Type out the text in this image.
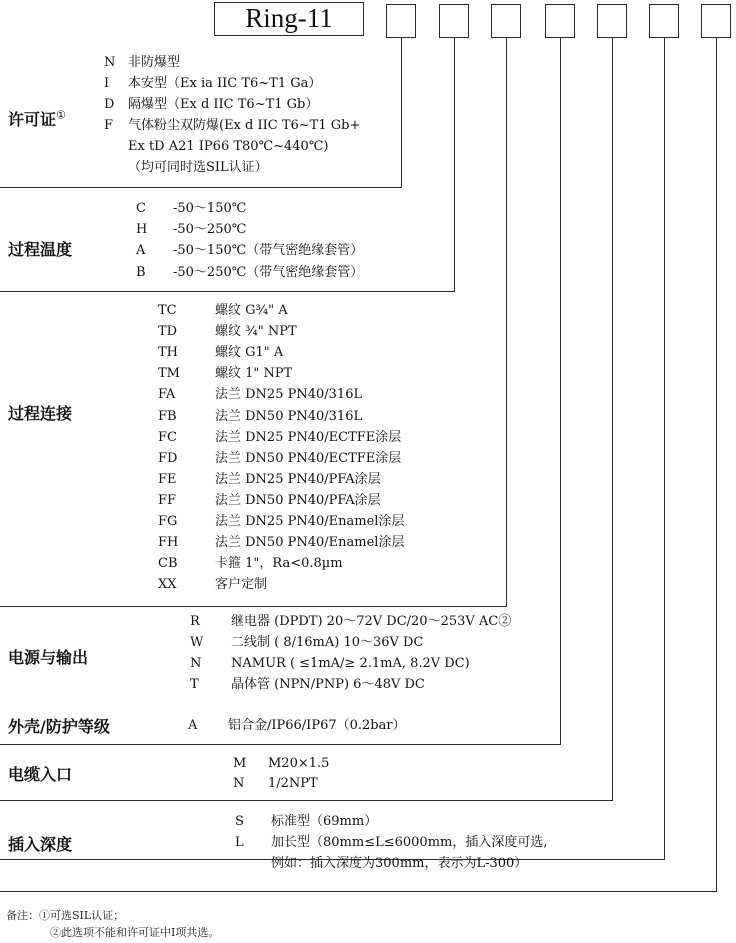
Ring-11
许可证①
N 非防爆型
I 本安型（Ex ia IIC T6~T1 Ga）
D 隔爆型（Ex d IIC T6~T1 Gb）
F 气体粉尘双防爆(Ex d IIC T6~T1 Gb+
Ex tD A21 IP66 T80℃~440℃)
（均可同时选SIL认证）
过程温度
C -50～150℃
H -50～250℃
A -50～150℃（带气密绝缘套管）
B -50～250℃（带气密绝缘套管）
过程连接
TC	螺纹 G¾" A
TD	螺纹 ¾" NPT
TH	螺纹 G1" A
TM	螺纹 1" NPT
FA	法兰 DN25 PN40/316L
FB	法兰 DN50 PN40/316L
FC	法兰 DN25 PN40/ECTFE涂层
FD	法兰 DN50 PN40/ECTFE涂层
FE	法兰 DN25 PN40/PFA涂层
FF	法兰 DN50 PN40/PFA涂层
FG	法兰 DN25 PN40/Enamel涂层
FH	法兰 DN50 PN40/Enamel涂层
CB	卡箍 1"，Ra<0.8µm
XX	客户定制
电源与输出
R 继电器 (DPDT) 20～72V DC/20～253V AC②
W 二线制 ( 8/16mA) 10～36V DC
N NAMUR ( ≤1mA/≥ 2.1mA, 8.2V DC)
T 晶体管 (NPN/PNP) 6～48V DC
外壳/防护等级	A 铝合金/IP66/IP67（0.2bar）
电缆入口
M M20×1.5
N 1/2NPT
插入深度
S 标准型（69mm）
L 加长型（80mm≤L≤6000mm，插入深度可选,
例如：插入深度为300mm，表示为L-300）
备注：①可选SIL认证；
②此选项不能和许可证中I项共选。
